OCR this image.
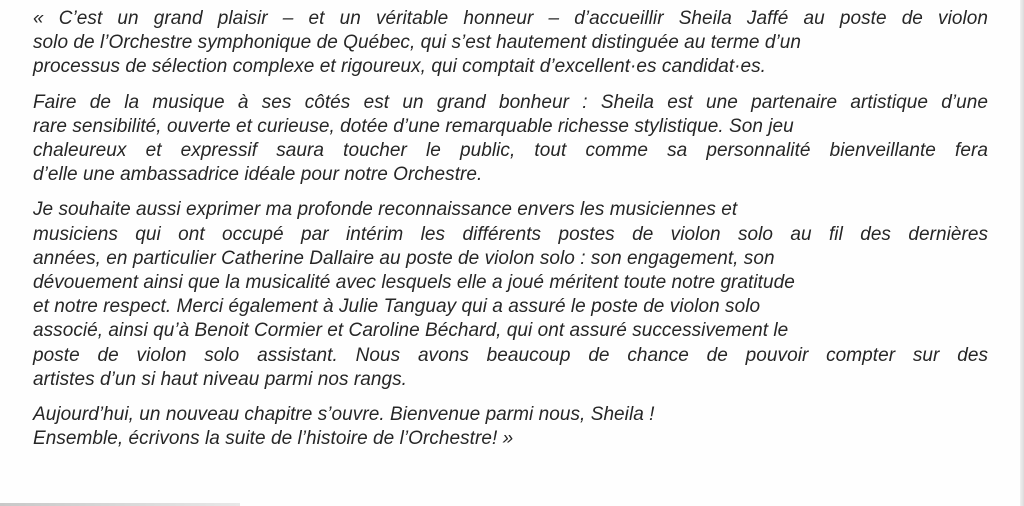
« C’est un grand plaisir – et un véritable honneur – d’accueillir Sheila Jaffé au poste de violon
solo de l’Orchestre symphonique de Québec, qui s’est hautement distinguée au terme d’un
processus de sélection complexe et rigoureux, qui comptait d’excellent·es candidat·es.

Faire de la musique à ses côtés est un grand bonheur : Sheila est une partenaire artistique d’une
rare sensibilité, ouverte et curieuse, dotée d’une remarquable richesse stylistique. Son jeu
chaleureux et expressif saura toucher le public, tout comme sa personnalité bienveillante fera
d’elle une ambassadrice idéale pour notre Orchestre.

Je souhaite aussi exprimer ma profonde reconnaissance envers les musiciennes et
musiciens qui ont occupé par intérim les différents postes de violon solo au fil des dernières
années, en particulier Catherine Dallaire au poste de violon solo : son engagement, son
dévouement ainsi que la musicalité avec lesquels elle a joué méritent toute notre gratitude
et notre respect. Merci également à Julie Tanguay qui a assuré le poste de violon solo
associé, ainsi qu’à Benoit Cormier et Caroline Béchard, qui ont assuré successivement le
poste de violon solo assistant. Nous avons beaucoup de chance de pouvoir compter sur des
artistes d’un si haut niveau parmi nos rangs.

Aujourd’hui, un nouveau chapitre s’ouvre. Bienvenue parmi nous, Sheila !
Ensemble, écrivons la suite de l’histoire de l’Orchestre! »
